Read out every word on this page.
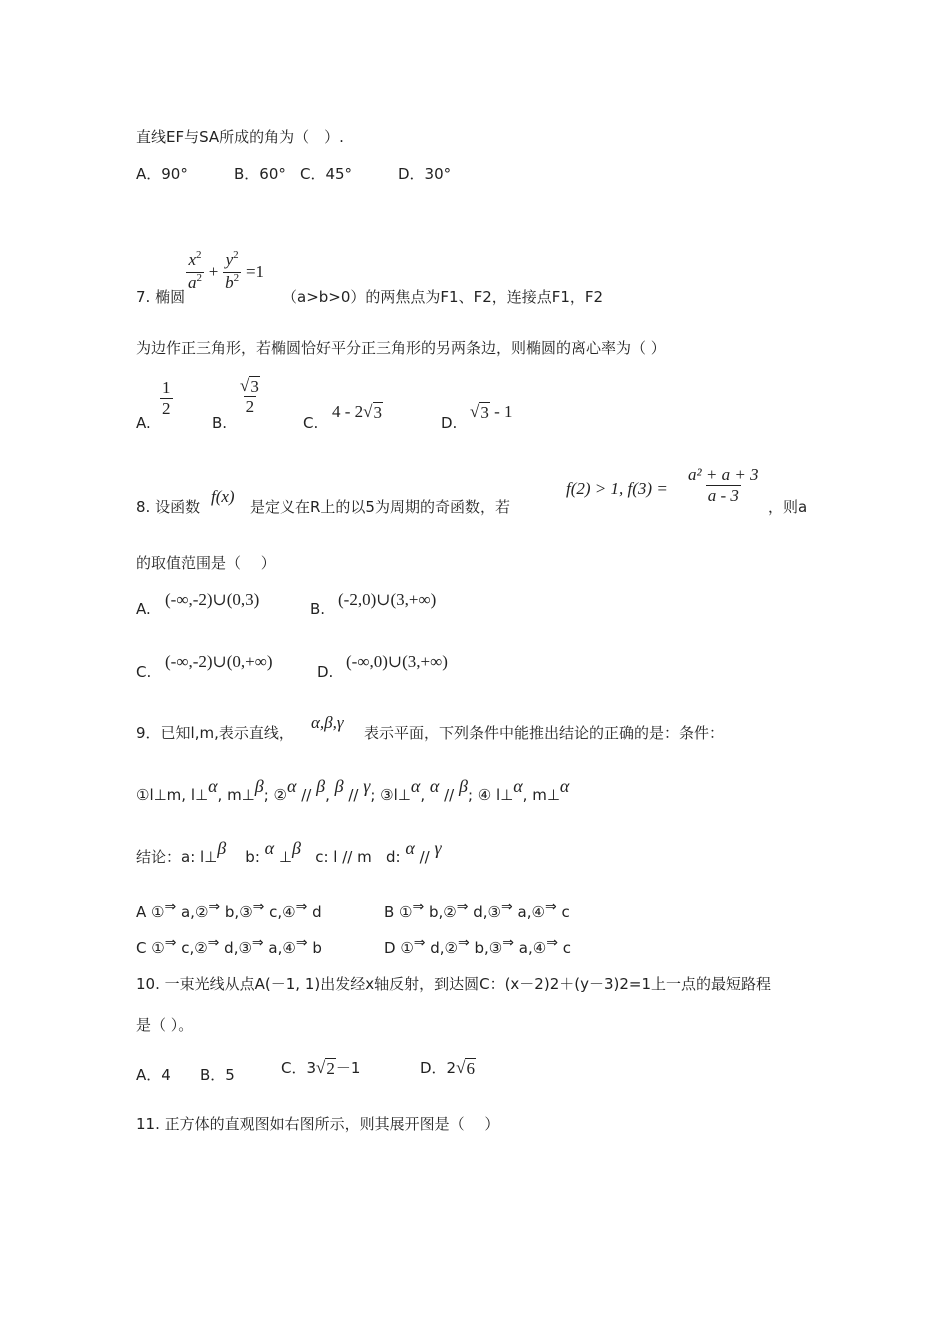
直线EF与SA所成的角为（　）.
A．90°	B．60° C．45°	D．30°
7. 椭圆
$\frac{x^2}{a^2} + \frac{y^2}{b^2} =1$
（a>b>0）的两焦点为F1、F2，连接点F1，F2
为边作正三角形，若椭圆恰好平分正三角形的另两条边，则椭圆的离心率为（ ）
A.
$\frac{1}{2}$
B.
$\frac{√ 3}{2}$
C.
4 - 2√ 3
D.
√ 3 - 1
8. 设函数
f(x)
是定义在R上的以5为周期的奇函数，若
f(2) > 1, $f(3) = \frac{\text{a² + a + 3}}{a - 3}$
，则a
的取值范围是（　 ）
A. (-∞,-2)∪(0,3)	B. (-2,0)∪(3,+∞)
C.
(-∞,-2)∪(0,+∞)
D.
(-∞,0)∪(3,+∞)
9．已知l,m,表示直线，
α,β,γ
表示平面，下列条件中能推出结论的正确的是：条件：
①l⊥m, l⊥α, m⊥β; ②α // β, β // γ; ③l⊥α, α // β; ④ l⊥α, m⊥α
结论：a: l⊥β    b: α ⊥β   c: l // m   d: α // γ
A ①⇒ a,②⇒ b,③⇒ c,④⇒ d	B ①⇒ b,②⇒ d,③⇒ a,④⇒ c
C ①⇒ c,②⇒ d,③⇒ a,④⇒ b	D ①⇒ d,②⇒ b,③⇒ a,④⇒ c
10. 一束光线从点A(－1, 1)出发经x轴反射，到达圆C：(x－2)2＋(y－3)2=1上一点的最短路程
是（ ）。
A．4 B．5	C．3√ 2 －1	D．2√ 6
11. 正方体的直观图如右图所示，则其展开图是（　 ）
